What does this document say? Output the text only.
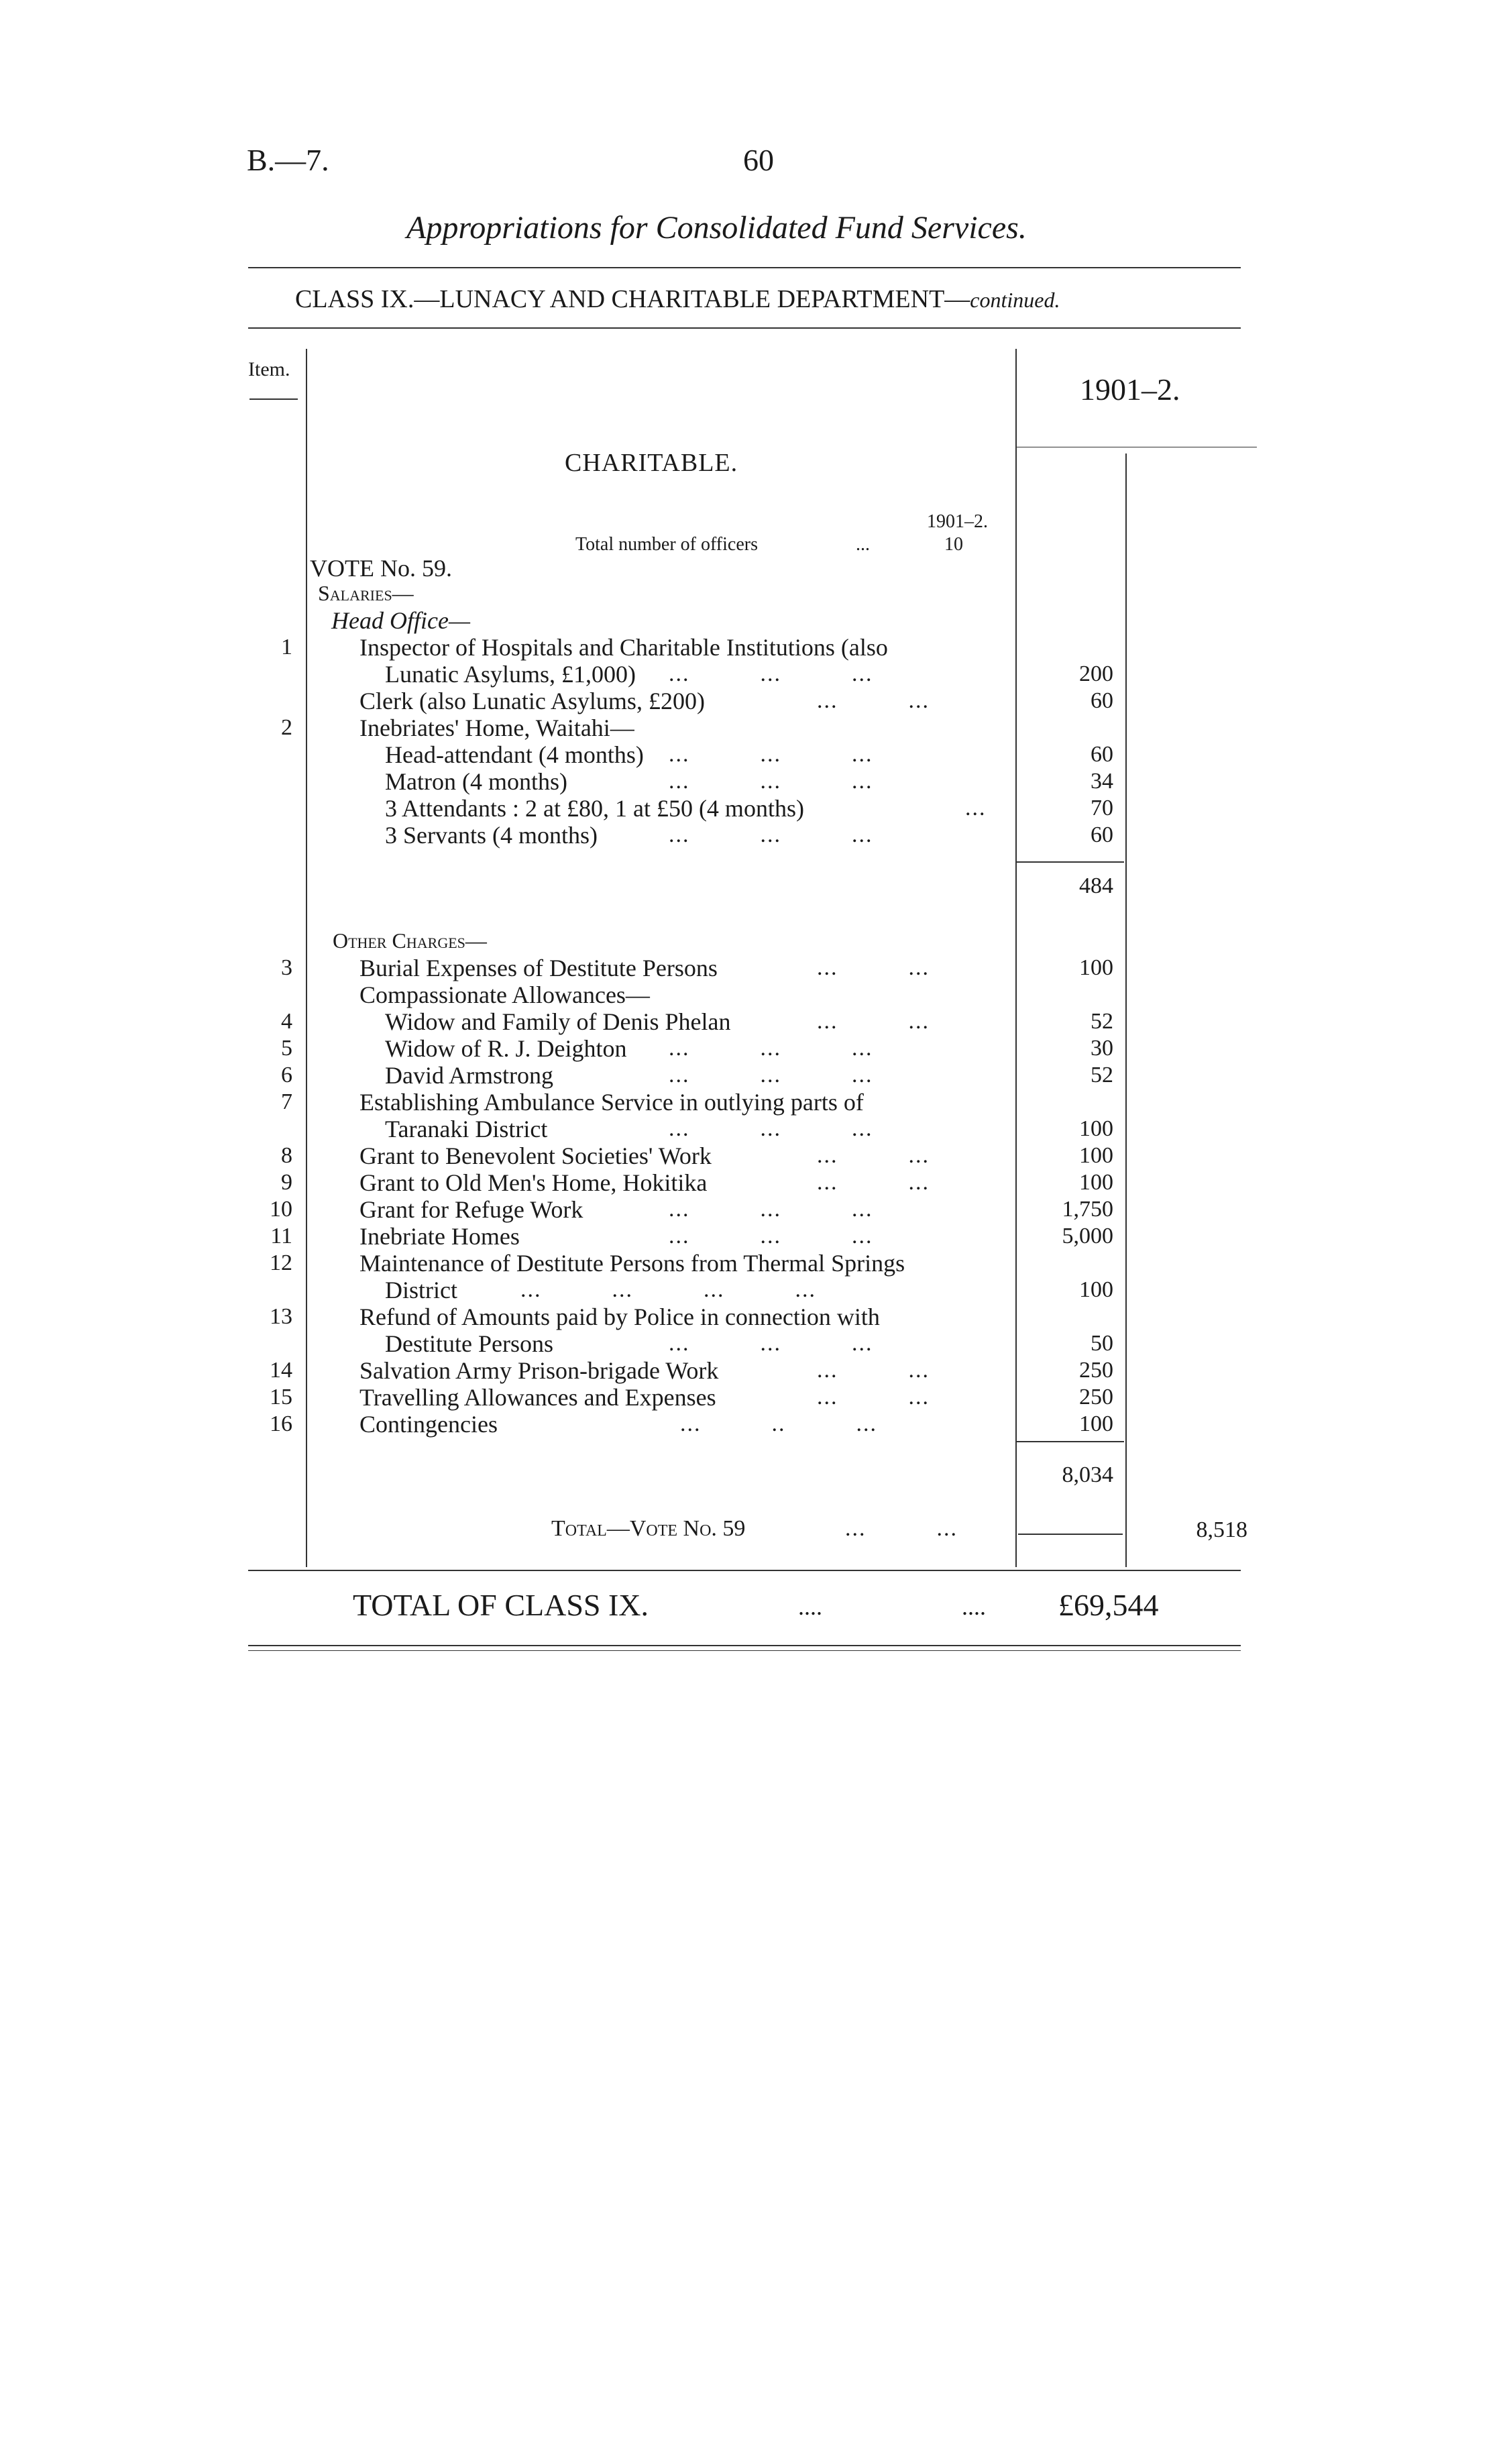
B.—7.	60
Appropriations for Consolidated Fund Services.
CLASS IX.—LUNACY AND CHARITABLE DEPARTMENT—continued.
Item.
1901–2.
CHARITABLE.
1901–2.
Total number of officers	...	10
VOTE No. 59.
Salaries—
Head Office—
1	Inspector of Hospitals and Charitable Institutions (also
Lunatic Asylums, £1,000) ...          ...          ...	200
Clerk (also Lunatic Asylums, £200)	...          ...	60
2	Inebriates' Home, Waitahi—
Head-attendant (4 months) ...          ...          ...	60
Matron (4 months)	...          ...          ...	34
3 Attendants : 2 at £80, 1 at £50 (4 months)	...	70
3 Servants (4 months)	...          ...          ...	60
484
Other Charges—
3	Burial Expenses of Destitute Persons	...          ...	100
Compassionate Allowances—
4	Widow and Family of Denis Phelan	...          ...	52
5	Widow of R. J. Deighton ...          ...          ...	30
6	David Armstrong	...          ...          ...	52
7	Establishing Ambulance Service in outlying parts of
Taranaki District	...          ...          ...	100
8	Grant to Benevolent Societies' Work	...          ...	100
9	Grant to Old Men's Home, Hokitika	...          ...	100
10	Grant for Refuge Work	...          ...          ...	1,750
11	Inebriate Homes	...          ...          ...	5,000
12	Maintenance of Destitute Persons from Thermal Springs
District	...          ...          ...          ...	100
13	Refund of Amounts paid by Police in connection with
Destitute Persons	...          ...          ...	50
14	Salvation Army Prison-brigade Work	...          ...	250
15	Travelling Allowances and Expenses	...          ...	250
16	Contingencies	...          ..          ...	100
8,034
Total—Vote No. 59	...          ...	8,518
TOTAL OF CLASS IX.	....	.... £69,544
